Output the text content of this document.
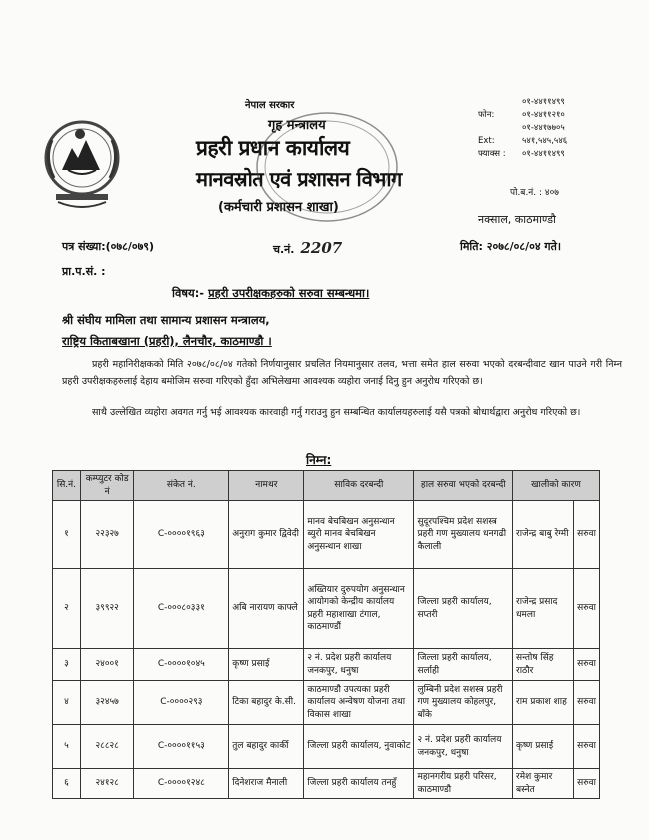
नेपाल सरकार
गृह मन्त्रालय
प्रहरी प्रधान कार्यालय
मानवस्रोत एवं प्रशासन विभाग
(कर्मचारी प्रशासन शाखा)
०१-४४११४९९
फोन:	०१-४४११२१०
०१-४४१७७०५
Ext:	५४१,५४५,५४६
फ्याक्स :	०१-४४११४९९
पो.ब.नं. : ४०७
नक्साल, काठमाण्डौ
पत्र संख्या:(०७८/०७९)	च.नं. 2207	मिति: २०७८/०८/०४ गते।
प्रा.प.सं. :
विषय:- प्रहरी उपरीक्षकहरुको सरुवा सम्बन्धमा।
श्री संघीय मामिला तथा सामान्य प्रशासन मन्त्रालय,
राष्ट्रिय किताबखाना (प्रहरी), लैनचौर, काठमाण्डौ ।
प्रहरी महानिरीक्षकको मिति २०७८/०८/०४ गतेको निर्णयानुसार प्रचलित नियमानुसार तलव, भत्ता समेत हाल सरुवा भएको दरबन्दीवाट खान पाउने गरी निम्न प्रहरी उपरीक्षकहरुलाई देहाय बमोजिम सरुवा गरिएको हुँदा अभिलेखमा आवश्यक व्यहोरा जनाई दिनु हुन अनुरोध गरिएको छ।
साथै उल्लेखित व्यहोरा अवगत गर्नु भई आवश्यक कारवाही गर्नु गराउनु हुन सम्बन्धित कार्यालयहरुलाई यसै पत्रको बोधार्थद्वारा अनुरोध गरिएको छ।
निम्न:
सि.नं.	कम्प्युटर कोड नं	संकेत नं.	नामथर	साविक दरबन्दी	हाल सरुवा भएको दरबन्दी	खालीको कारण	
१	२२३२७	C-००००१९६३	अनुराग कुमार द्विवेदी	मानव बेचबिखन अनुसन्धान ब्युरो मानव बेचबिखन अनुसन्धान शाखा	सुदूरपश्चिम प्रदेश सशस्त्र प्रहरी गण मुख्यालय धनगढी कैलाली	राजेन्द्र बाबु रेग्मी	सरुवा
२	३९९२२	C-०००८०३३१	अबि नारायण काफ्ले	अख्तियार दुरुपयोग अनुसन्धान आयोगको केन्द्रीय कार्यालय प्रहरी महाशाखा टंगाल, काठमाण्डौं	जिल्ला प्रहरी कार्यालय, सप्तरी	राजेन्द्र प्रसाद धमला	सरुवा
३	२४००१	C-००००१०४५	कृष्ण प्रसाई	२ नं. प्रदेश प्रहरी कार्यालय जनकपुर, धनुषा	जिल्ला प्रहरी कार्यालय, सर्लाही	सन्तोष सिंह राठौर	सरुवा
४	३२४५७	C-००००२९३	टिका बहादुर के.सी.	काठमाण्डौ उपत्यका प्रहरी कार्यालय अन्वेषण योजना तथा विकास शाखा	लुम्बिनी प्रदेश सशस्त्र प्रहरी गण मुख्यालय कोहलपुर, बाँके	राम प्रकाश शाह	सरुवा
५	२८८२८	C-००००११५३	तुल बहादुर कार्की	जिल्ला प्रहरी कार्यालय, नुवाकोट	२ नं. प्रदेश प्रहरी कार्यालय जनकपुर, धनुषा	कृष्ण प्रसाई	सरुवा
६	२४१२८	C-००००१२४८	दिनेशराज मैनाली	जिल्ला प्रहरी कार्यालय तनहुँ	महानगरीय प्रहरी परिसर, काठमाण्डौ	रमेश कुमार बस्नेत	सरुवा
